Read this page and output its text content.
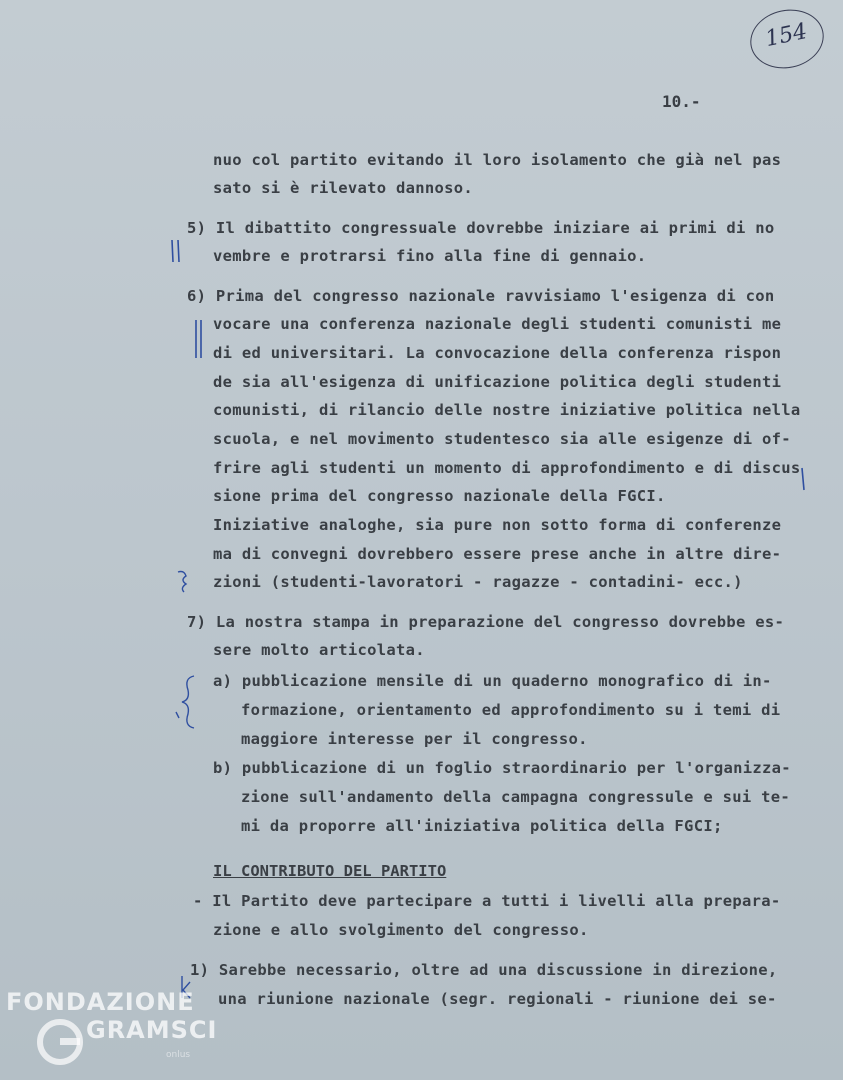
154
10.-
nuo col partito evitando il loro isolamento che già nel pas
sato si è rilevato dannoso.
5) Il dibattito congressuale dovrebbe iniziare ai primi di no
vembre e protrarsi fino alla fine di gennaio.
6) Prima del congresso nazionale ravvisiamo l'esigenza di con
vocare una conferenza nazionale degli studenti comunisti me
di ed universitari. La convocazione della conferenza rispon
de sia all'esigenza di unificazione politica degli studenti
comunisti, di rilancio delle nostre iniziative politica nella
scuola, e nel movimento studentesco sia alle esigenze di of-
frire agli studenti un momento di approfondimento e di discus
sione prima del congresso nazionale della FGCI.
Iniziative analoghe, sia pure non sotto forma di conferenze
ma di convegni dovrebbero essere prese anche in altre dire-
zioni (studenti-lavoratori - ragazze - contadini- ecc.)
7) La nostra stampa in preparazione del congresso dovrebbe es-
sere molto articolata.
a) pubblicazione mensile di un quaderno monografico di in-
formazione, orientamento ed approfondimento su i temi di
maggiore interesse per il congresso.
b) pubblicazione di un foglio straordinario per l'organizza-
zione sull'andamento della campagna congressule e sui te-
mi da proporre all'iniziativa politica della FGCI;
IL CONTRIBUTO DEL PARTITO
- Il Partito deve partecipare a tutti i livelli alla prepara-
zione e allo svolgimento del congresso.
1) Sarebbe necessario, oltre ad una discussione in direzione,
una riunione nazionale (segr. regionali - riunione dei se-
FONDAZIONE
GRAMSCI
onlus
